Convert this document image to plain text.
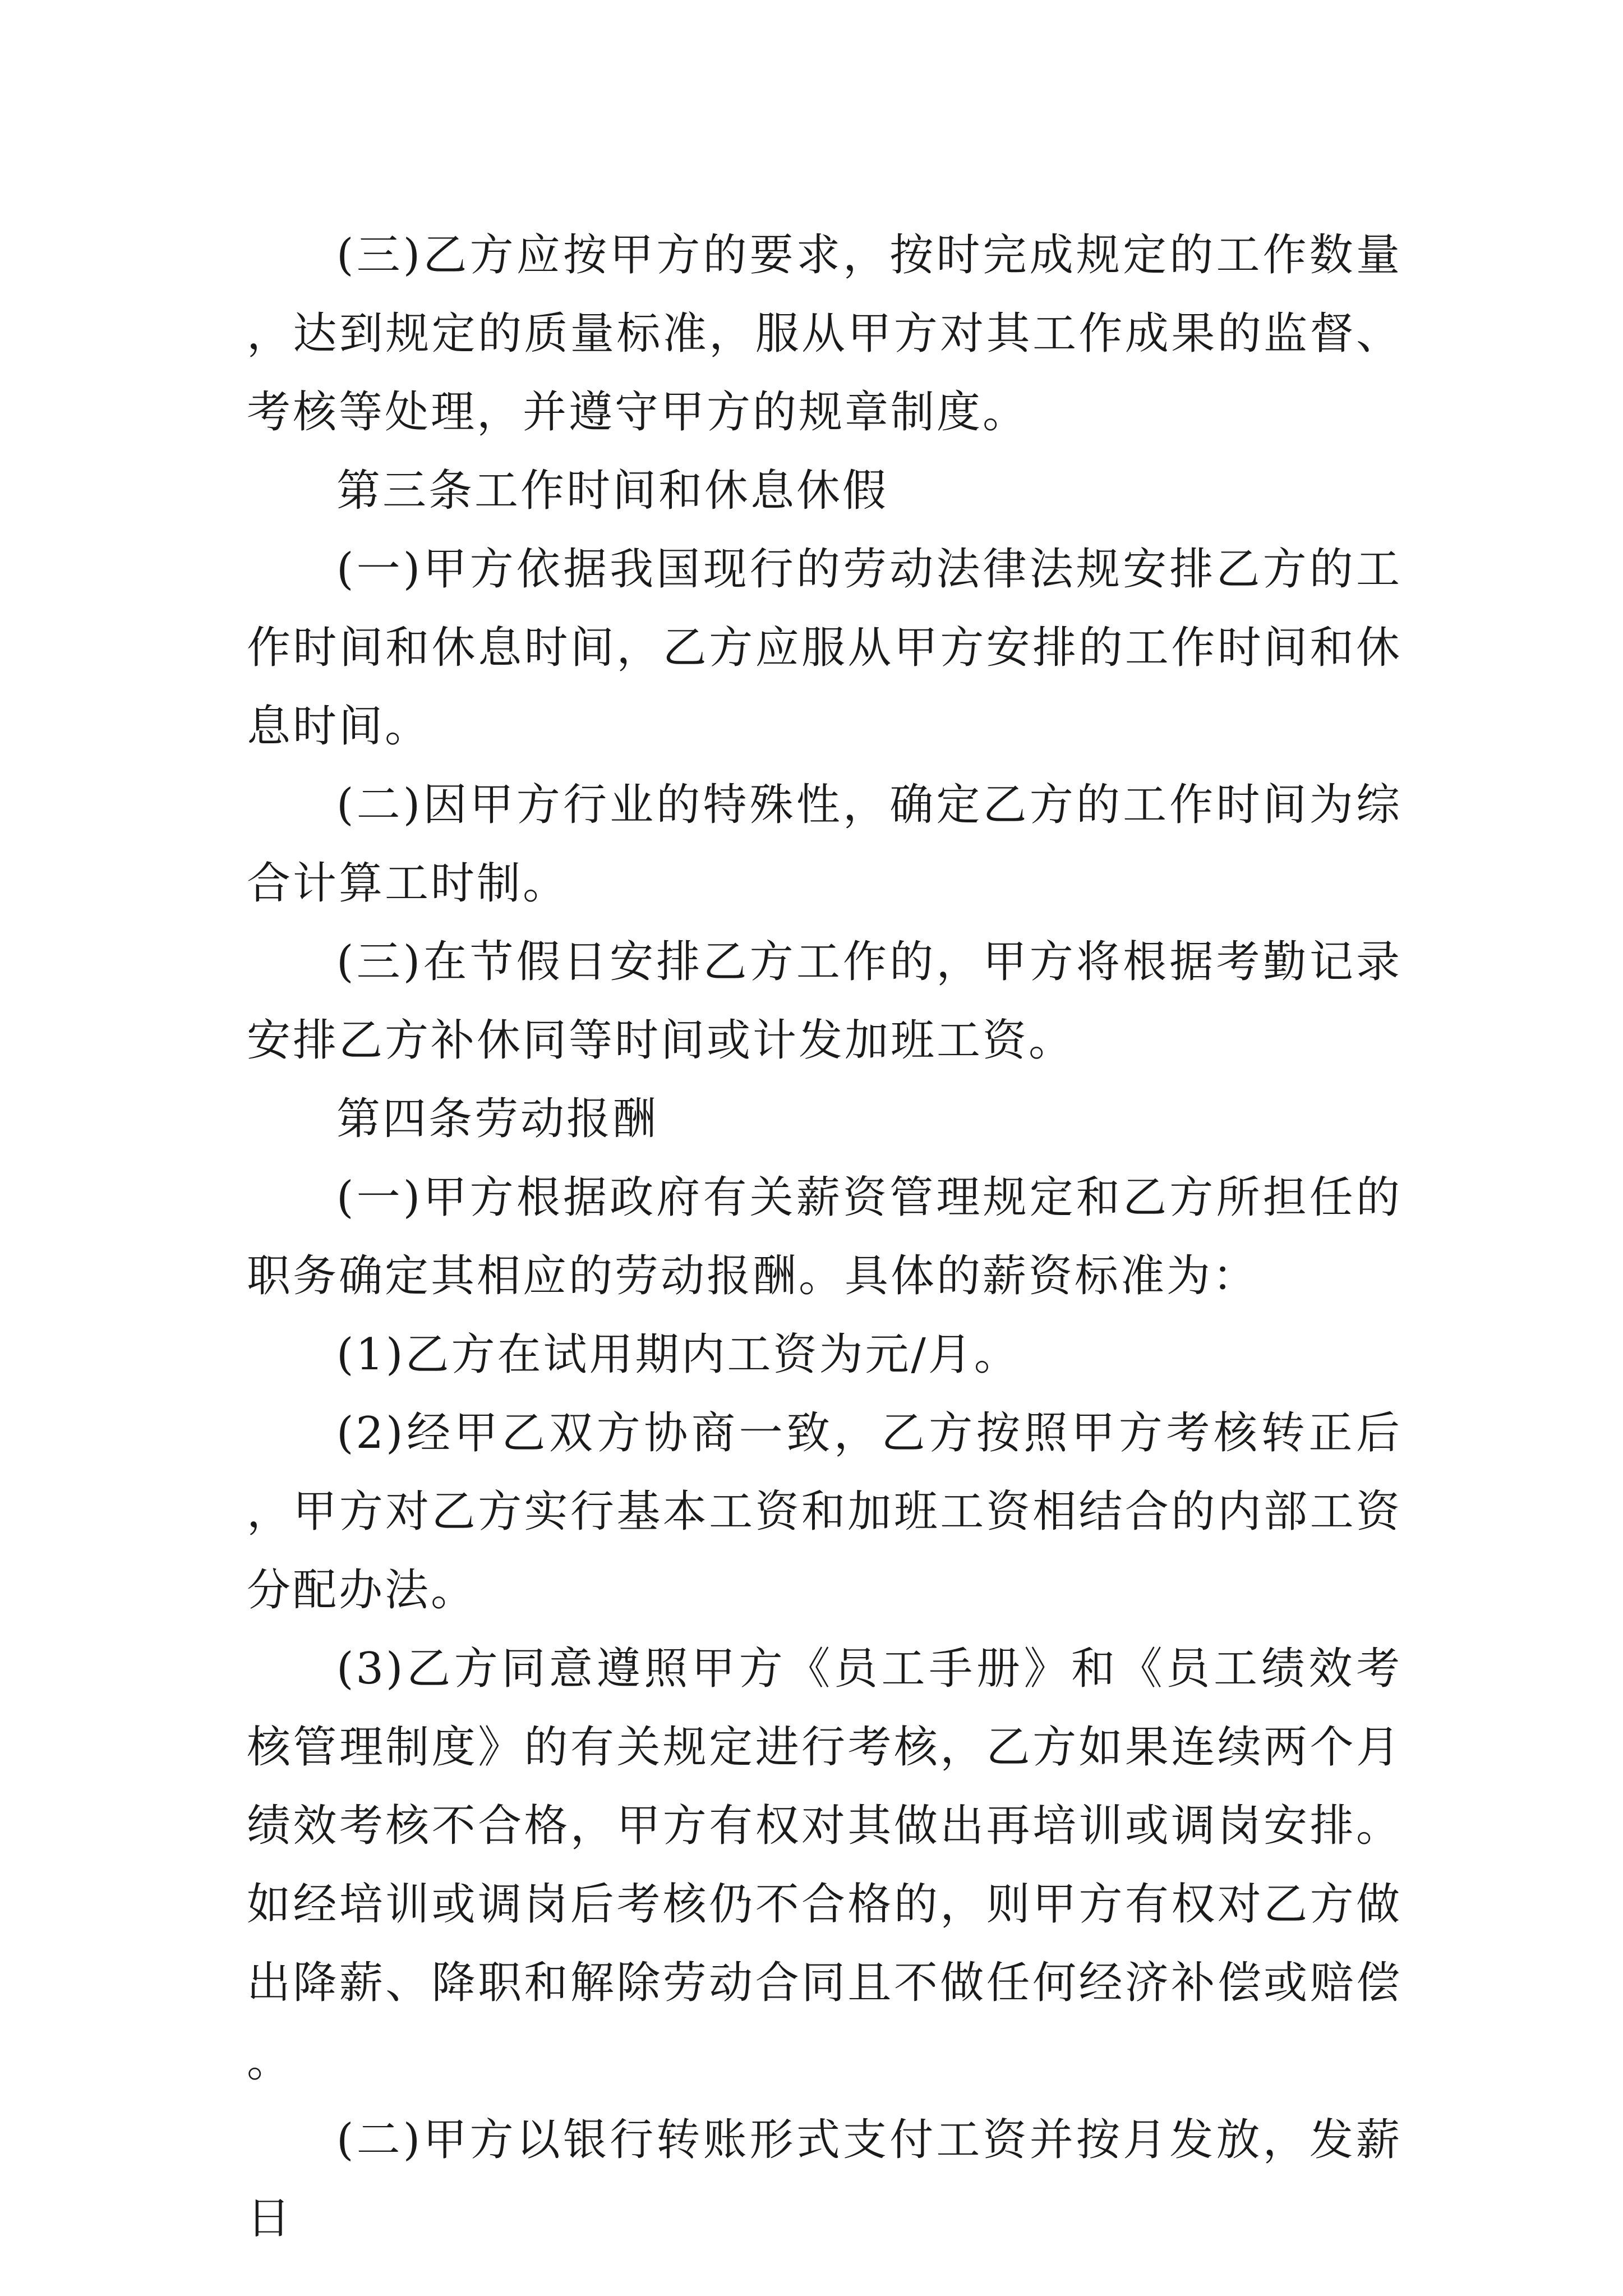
(三)乙方应按甲方的要求，按时完成规定的工作数量，达到规定的质量标准，服从甲方对其工作成果的监督、考核等处理，并遵守甲方的规章制度。

第三条工作时间和休息休假

(一)甲方依据我国现行的劳动法律法规安排乙方的工作时间和休息时间，乙方应服从甲方安排的工作时间和休息时间。

(二)因甲方行业的特殊性，确定乙方的工作时间为综合计算工时制。

(三)在节假日安排乙方工作的，甲方将根据考勤记录安排乙方补休同等时间或计发加班工资。

第四条劳动报酬

(一)甲方根据政府有关薪资管理规定和乙方所担任的职务确定其相应的劳动报酬。具体的薪资标准为：

(1)乙方在试用期内工资为元/月。

(2)经甲乙双方协商一致，乙方按照甲方考核转正后，甲方对乙方实行基本工资和加班工资相结合的内部工资分配办法。

(3)乙方同意遵照甲方《员工手册》和《员工绩效考核管理制度》的有关规定进行考核，乙方如果连续两个月绩效考核不合格，甲方有权对其做出再培训或调岗安排。如经培训或调岗后考核仍不合格的，则甲方有权对乙方做出降薪、降职和解除劳动合同且不做任何经济补偿或赔偿。

(二)甲方以银行转账形式支付工资并按月发放，发薪日
